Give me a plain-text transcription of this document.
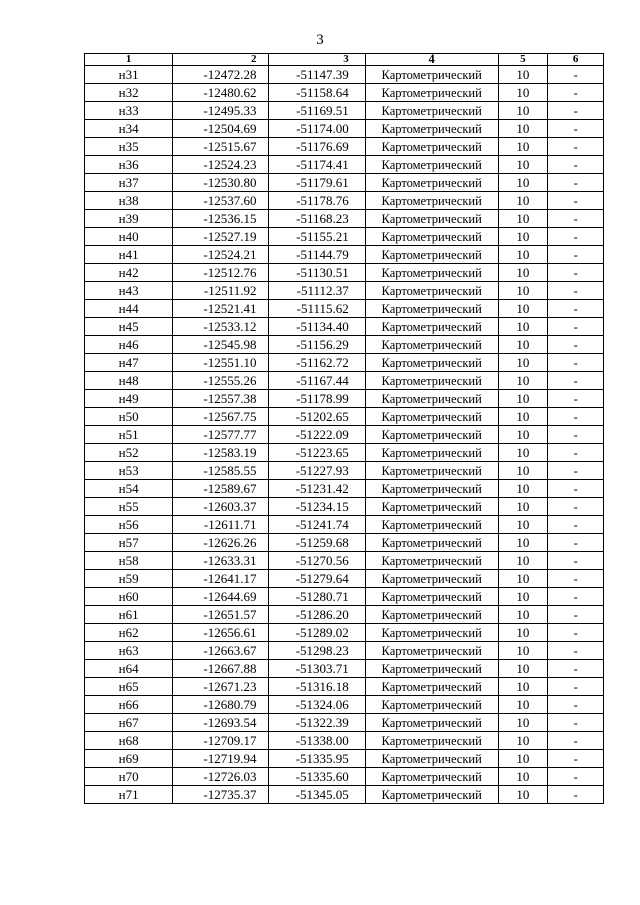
3
1	2	3	4	5	6
н31	-12472.28	-51147.39	Картометрический	10	-
н32	-12480.62	-51158.64	Картометрический	10	-
н33	-12495.33	-51169.51	Картометрический	10	-
н34	-12504.69	-51174.00	Картометрический	10	-
н35	-12515.67	-51176.69	Картометрический	10	-
н36	-12524.23	-51174.41	Картометрический	10	-
н37	-12530.80	-51179.61	Картометрический	10	-
н38	-12537.60	-51178.76	Картометрический	10	-
н39	-12536.15	-51168.23	Картометрический	10	-
н40	-12527.19	-51155.21	Картометрический	10	-
н41	-12524.21	-51144.79	Картометрический	10	-
н42	-12512.76	-51130.51	Картометрический	10	-
н43	-12511.92	-51112.37	Картометрический	10	-
н44	-12521.41	-51115.62	Картометрический	10	-
н45	-12533.12	-51134.40	Картометрический	10	-
н46	-12545.98	-51156.29	Картометрический	10	-
н47	-12551.10	-51162.72	Картометрический	10	-
н48	-12555.26	-51167.44	Картометрический	10	-
н49	-12557.38	-51178.99	Картометрический	10	-
н50	-12567.75	-51202.65	Картометрический	10	-
н51	-12577.77	-51222.09	Картометрический	10	-
н52	-12583.19	-51223.65	Картометрический	10	-
н53	-12585.55	-51227.93	Картометрический	10	-
н54	-12589.67	-51231.42	Картометрический	10	-
н55	-12603.37	-51234.15	Картометрический	10	-
н56	-12611.71	-51241.74	Картометрический	10	-
н57	-12626.26	-51259.68	Картометрический	10	-
н58	-12633.31	-51270.56	Картометрический	10	-
н59	-12641.17	-51279.64	Картометрический	10	-
н60	-12644.69	-51280.71	Картометрический	10	-
н61	-12651.57	-51286.20	Картометрический	10	-
н62	-12656.61	-51289.02	Картометрический	10	-
н63	-12663.67	-51298.23	Картометрический	10	-
н64	-12667.88	-51303.71	Картометрический	10	-
н65	-12671.23	-51316.18	Картометрический	10	-
н66	-12680.79	-51324.06	Картометрический	10	-
н67	-12693.54	-51322.39	Картометрический	10	-
н68	-12709.17	-51338.00	Картометрический	10	-
н69	-12719.94	-51335.95	Картометрический	10	-
н70	-12726.03	-51335.60	Картометрический	10	-
н71	-12735.37	-51345.05	Картометрический	10	-
